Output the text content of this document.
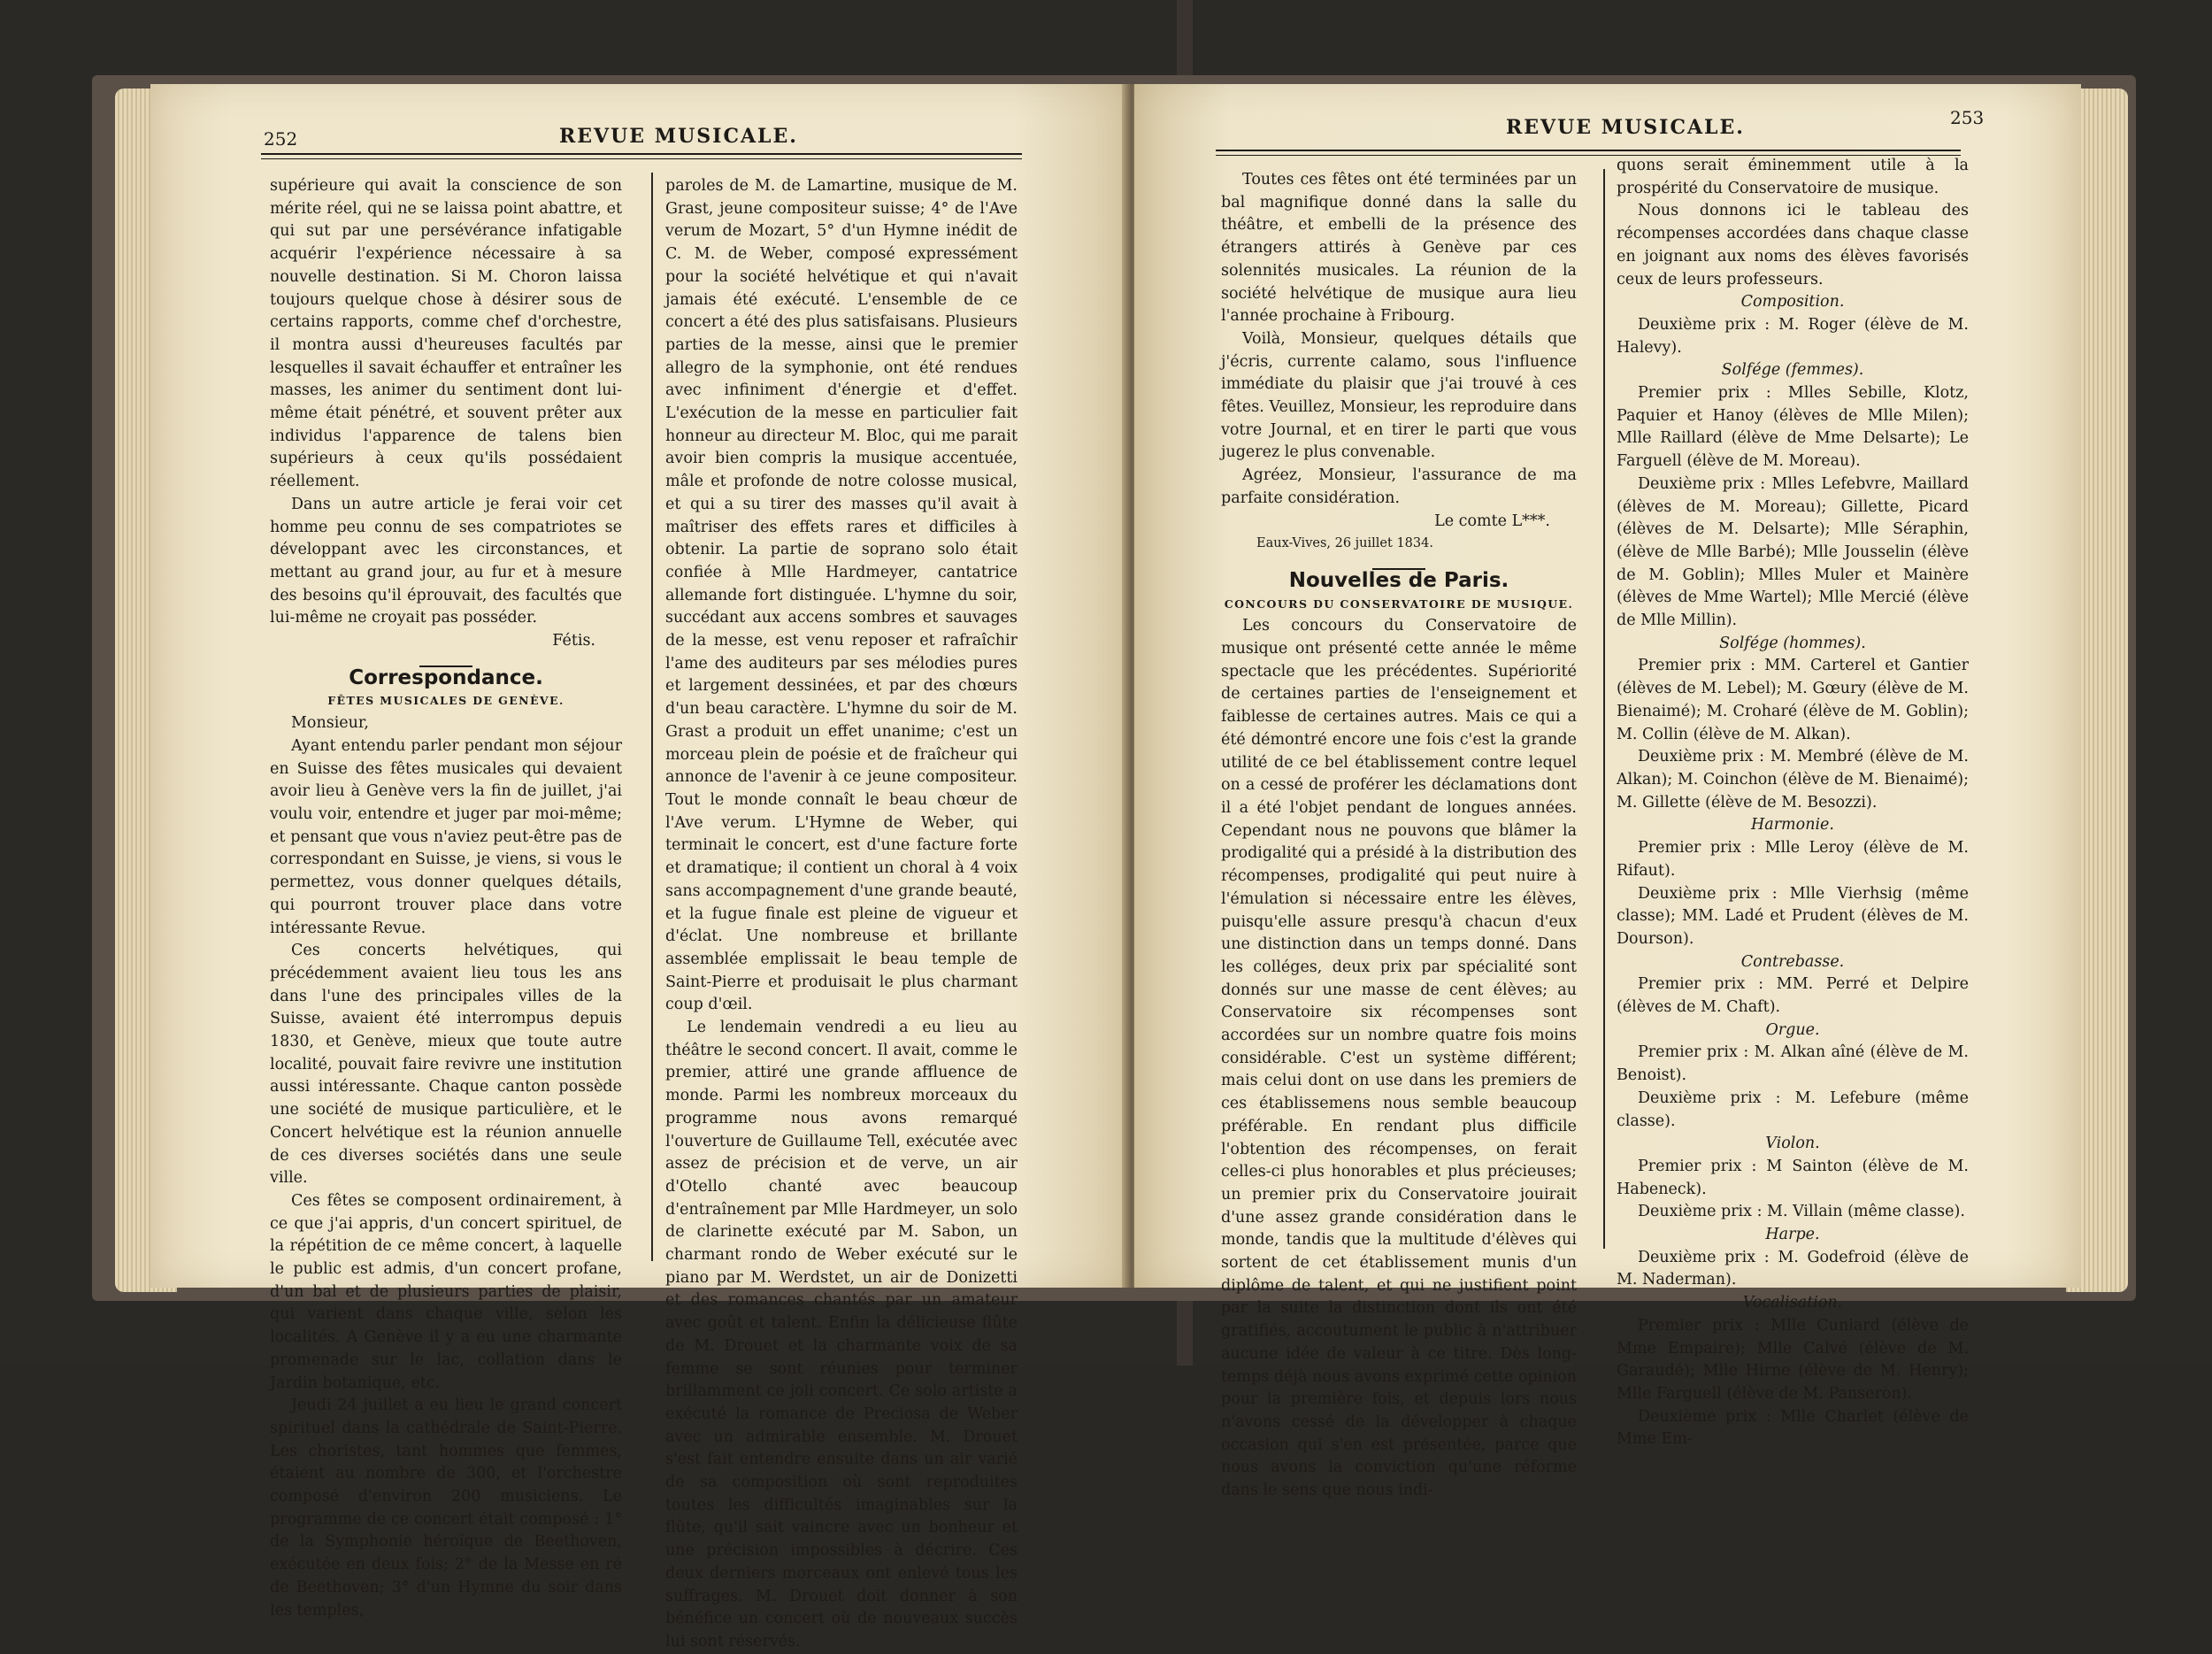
252	REVUE MUSICALE.

supérieure qui avait la conscience de son mérite réel, qui ne se laissa point abattre, et qui sut par une persévérance infatigable acquérir l'expérience nécessaire à sa nouvelle destination. Si M. Choron laissa toujours quelque chose à désirer sous de certains rapports, comme chef d'orchestre, il montra aussi d'heureuses facultés par lesquelles il savait échauffer et entraîner les masses, les animer du sentiment dont lui-même était pénétré, et souvent prêter aux individus l'apparence de talens bien supérieurs à ceux qu'ils possédaient réellement.

Dans un autre article je ferai voir cet homme peu connu de ses compatriotes se développant avec les circonstances, et mettant au grand jour, au fur et à mesure des besoins qu'il éprouvait, des facultés que lui-même ne croyait pas posséder.

Fétis.

Correspondance.

FÊTES MUSICALES DE GENÈVE.

Monsieur,

Ayant entendu parler pendant mon séjour en Suisse des fêtes musicales qui devaient avoir lieu à Genève vers la fin de juillet, j'ai voulu voir, entendre et juger par moi-même; et pensant que vous n'aviez peut-être pas de correspondant en Suisse, je viens, si vous le permettez, vous donner quelques détails, qui pourront trouver place dans votre intéressante Revue.

Ces concerts helvétiques, qui précédemment avaient lieu tous les ans dans l'une des principales villes de la Suisse, avaient été interrompus depuis 1830, et Genève, mieux que toute autre localité, pouvait faire revivre une institution aussi intéressante. Chaque canton possède une société de musique particulière, et le Concert helvétique est la réunion annuelle de ces diverses sociétés dans une seule ville.

Ces fêtes se composent ordinairement, à ce que j'ai appris, d'un concert spirituel, de la répétition de ce même concert, à laquelle le public est admis, d'un concert profane, d'un bal et de plusieurs parties de plaisir, qui varient dans chaque ville, selon les localités. A Genève il y a eu une charmante promenade sur le lac, collation dans le Jardin botanique, etc.

Jeudi 24 juillet a eu lieu le grand concert spirituel dans la cathédrale de Saint-Pierre. Les choristes, tant hommes que femmes, étaient au nombre de 300, et l'orchestre composé d'environ 200 musiciens. Le programme de ce concert était composé : 1° de la Symphonie héroïque de Beethoven, exécutée en deux fois; 2° de la Messe en ré de Beethoven; 3° d'un Hymne du soir dans les temples,

paroles de M. de Lamartine, musique de M. Grast, jeune compositeur suisse; 4° de l'Ave verum de Mozart, 5° d'un Hymne inédit de C. M. de Weber, composé expressément pour la société helvétique et qui n'avait jamais été exécuté. L'ensemble de ce concert a été des plus satisfaisans. Plusieurs parties de la messe, ainsi que le premier allegro de la symphonie, ont été rendues avec infiniment d'énergie et d'effet. L'exécution de la messe en particulier fait honneur au directeur M. Bloc, qui me parait avoir bien compris la musique accentuée, mâle et profonde de notre colosse musical, et qui a su tirer des masses qu'il avait à maîtriser des effets rares et difficiles à obtenir. La partie de soprano solo était confiée à Mlle Hardmeyer, cantatrice allemande fort distinguée. L'hymne du soir, succédant aux accens sombres et sauvages de la messe, est venu reposer et rafraîchir l'ame des auditeurs par ses mélodies pures et largement dessinées, et par des chœurs d'un beau caractère. L'hymne du soir de M. Grast a produit un effet unanime; c'est un morceau plein de poésie et de fraîcheur qui annonce de l'avenir à ce jeune compositeur. Tout le monde connaît le beau chœur de l'Ave verum. L'Hymne de Weber, qui terminait le concert, est d'une facture forte et dramatique; il contient un choral à 4 voix sans accompagnement d'une grande beauté, et la fugue finale est pleine de vigueur et d'éclat. Une nombreuse et brillante assemblée emplissait le beau temple de Saint-Pierre et produisait le plus charmant coup d'œil.

Le lendemain vendredi a eu lieu au théâtre le second concert. Il avait, comme le premier, attiré une grande affluence de monde. Parmi les nombreux morceaux du programme nous avons remarqué l'ouverture de Guillaume Tell, exécutée avec assez de précision et de verve, un air d'Otello chanté avec beaucoup d'entraînement par Mlle Hardmeyer, un solo de clarinette exécuté par M. Sabon, un charmant rondo de Weber exécuté sur le piano par M. Werdstet, un air de Donizetti et des romances chantés par un amateur avec goût et talent. Enfin la délicieuse flûte de M. Drouet et la charmante voix de sa femme se sont réunies pour terminer brillamment ce joli concert. Ce solo artiste a exécuté la romance de Preciosa de Weber avec un admirable ensemble. M. Drouet s'est fait entendre ensuite dans un air varié de sa composition où sont reproduites toutes les difficultés imaginables sur la flûte, qu'il sait vaincre avec un bonheur et une précision impossibles à décrire. Ces deux derniers morceaux ont enlevé tous les suffrages. M. Drouet doit donner à son bénéfice un concert où de nouveaux succès lui sont réservés.

REVUE MUSICALE.	253

Toutes ces fêtes ont été terminées par un bal magnifique donné dans la salle du théâtre, et embelli de la présence des étrangers attirés à Genève par ces solennités musicales. La réunion de la société helvétique de musique aura lieu l'année prochaine à Fribourg.

Voilà, Monsieur, quelques détails que j'écris, currente calamo, sous l'influence immédiate du plaisir que j'ai trouvé à ces fêtes. Veuillez, Monsieur, les reproduire dans votre Journal, et en tirer le parti que vous jugerez le plus convenable.

Agréez, Monsieur, l'assurance de ma parfaite considération.

Le comte L***.

Eaux-Vives, 26 juillet 1834.

Nouvelles de Paris.

CONCOURS DU CONSERVATOIRE DE MUSIQUE.

Les concours du Conservatoire de musique ont présenté cette année le même spectacle que les précédentes. Supériorité de certaines parties de l'enseignement et faiblesse de certaines autres. Mais ce qui a été démontré encore une fois c'est la grande utilité de ce bel établissement contre lequel on a cessé de proférer les déclamations dont il a été l'objet pendant de longues années. Cependant nous ne pouvons que blâmer la prodigalité qui a présidé à la distribution des récompenses, prodigalité qui peut nuire à l'émulation si nécessaire entre les élèves, puisqu'elle assure presqu'à chacun d'eux une distinction dans un temps donné. Dans les colléges, deux prix par spécialité sont donnés sur une masse de cent élèves; au Conservatoire six récompenses sont accordées sur un nombre quatre fois moins considérable. C'est un système différent; mais celui dont on use dans les premiers de ces établissemens nous semble beaucoup préférable. En rendant plus difficile l'obtention des récompenses, on ferait celles-ci plus honorables et plus précieuses; un premier prix du Conservatoire jouirait d'une assez grande considération dans le monde, tandis que la multitude d'élèves qui sortent de cet établissement munis d'un diplôme de talent, et qui ne justifient point par la suite la distinction dont ils ont été gratifiés, accoutument le public à n'attribuer aucune idée de valeur à ce titre. Dès long-temps déjà nous avons exprimé cette opinion pour la première fois, et depuis lors nous n'avons cessé de la développer à chaque occasion qui s'en est présentée, parce que nous avons la conviction qu'une réforme dans le sens que nous indi-

quons serait éminemment utile à la prospérité du Conservatoire de musique.

Nous donnons ici le tableau des récompenses accordées dans chaque classe en joignant aux noms des élèves favorisés ceux de leurs professeurs.

Composition.

Deuxième prix : M. Roger (élève de M. Halevy).

Solfége (femmes).

Premier prix : Mlles Sebille, Klotz, Paquier et Hanoy (élèves de Mlle Milen); Mlle Raillard (élève de Mme Delsarte); Le Farguell (élève de M. Moreau).

Deuxième prix : Mlles Lefebvre, Maillard (élèves de M. Moreau); Gillette, Picard (élèves de M. Delsarte); Mlle Séraphin, (élève de Mlle Barbé); Mlle Jousselin (élève de M. Goblin); Mlles Muler et Mainère (élèves de Mme Wartel); Mlle Mercié (élève de Mlle Millin).

Solfége (hommes).

Premier prix : MM. Carterel et Gantier (élèves de M. Lebel); M. Gœury (élève de M. Bienaimé); M. Croharé (élève de M. Goblin); M. Collin (élève de M. Alkan).

Deuxième prix : M. Membré (élève de M. Alkan); M. Coinchon (élève de M. Bienaimé); M. Gillette (élève de M. Besozzi).

Harmonie.

Premier prix : Mlle Leroy (élève de M. Rifaut).

Deuxième prix : Mlle Vierhsig (même classe); MM. Ladé et Prudent (élèves de M. Dourson).

Contrebasse.

Premier prix : MM. Perré et Delpire (élèves de M. Chaft).

Orgue.

Premier prix : M. Alkan aîné (élève de M. Benoist).

Deuxième prix : M. Lefebure (même classe).

Violon.

Premier prix : M Sainton (élève de M. Habeneck).

Deuxième prix : M. Villain (même classe).

Harpe.

Deuxième prix : M. Godefroid (élève de M. Naderman).

Vocalisation.

Premier prix : Mlle Cuniard (élève de Mme Empaire); Mlle Calvé (élève de M. Garaudé); Mlle Hirne (élève de M. Henry); Mlle Farguell (élève de M. Panseron).

Deuxième prix : Mlle Charlet (élève de Mme Em-
